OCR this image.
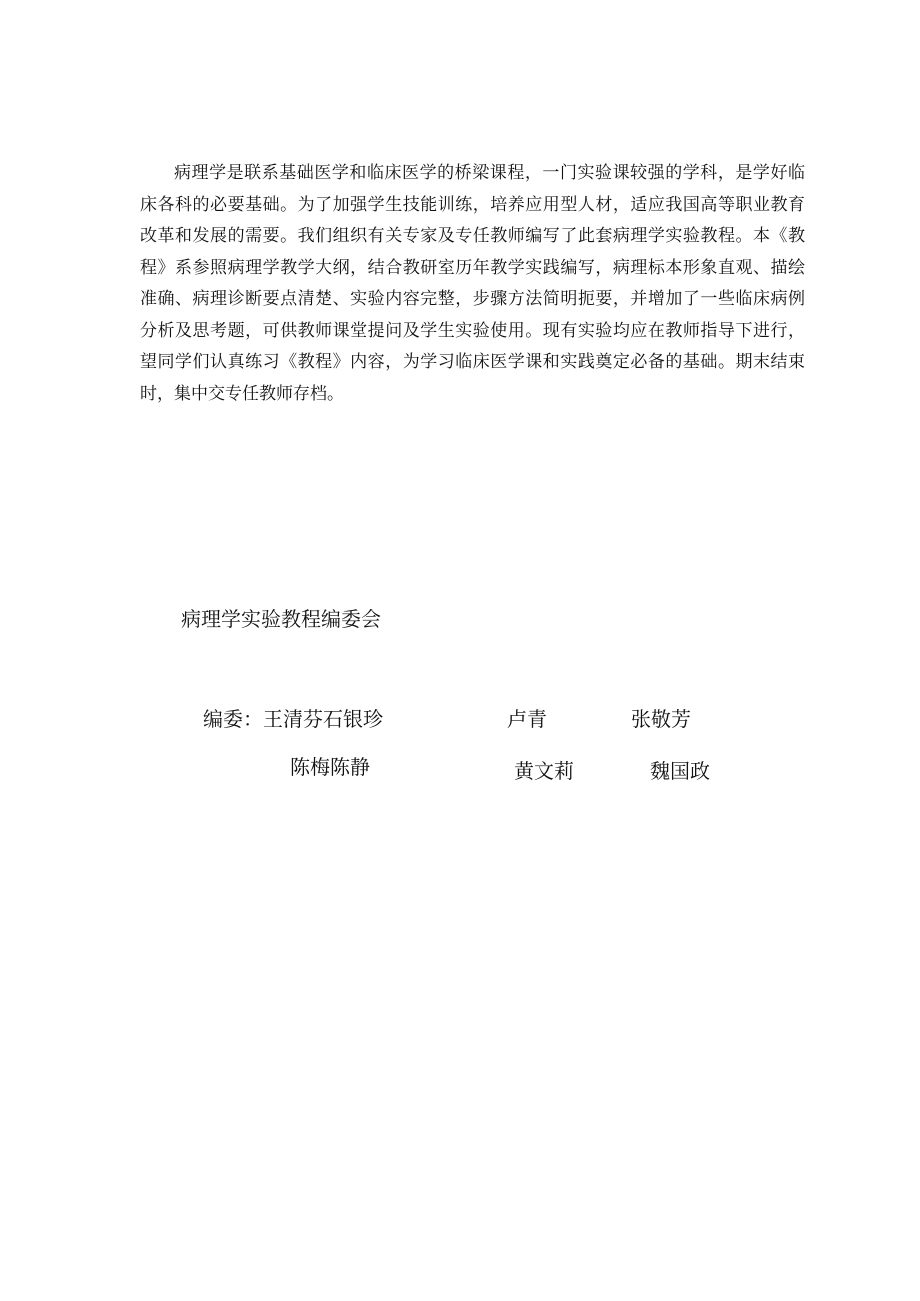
病理学是联系基础医学和临床医学的桥梁课程，一门实验课较强的学科，是学好临
床各科的必要基础。为了加强学生技能训练，培养应用型人材，适应我国高等职业教育
改革和发展的需要。我们组织有关专家及专任教师编写了此套病理学实验教程。本《教
程》系参照病理学教学大纲，结合教研室历年教学实践编写，病理标本形象直观、描绘
准确、病理诊断要点清楚、实验内容完整，步骤方法简明扼要，并增加了一些临床病例
分析及思考题，可供教师课堂提问及学生实验使用。现有实验均应在教师指导下进行，
望同学们认真练习《教程》内容，为学习临床医学课和实践奠定必备的基础。期末结束
时，集中交专任教师存档。
病理学实验教程编委会
编委： 王清芬石银珍	卢青	张敬芳
陈梅陈静	黄文莉	魏国政
